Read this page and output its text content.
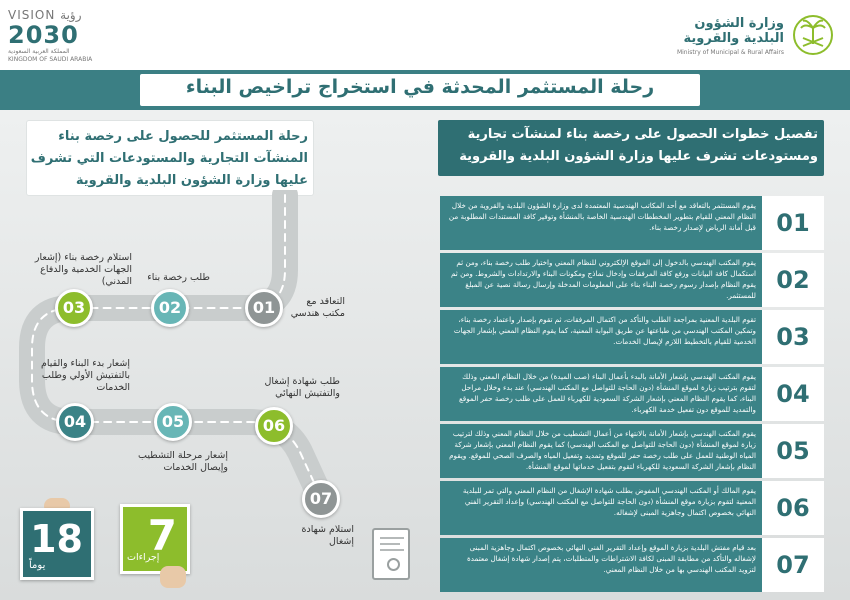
VISION رؤية
2030
المملكة العربية السعودية
KINGDOM OF SAUDI ARABIA
وزارة الشؤون
البلدية والقروية
Ministry of Municipal & Rural Affairs
رحلة المستثمر المحدثة في استخراج تراخيص البناء
رحلة المستثمر للحصول على رخصة بناء المنشآت التجارية والمستودعات التي تشرف عليها وزارة الشؤون البلدية والقروية
تفصيل خطوات الحصول على رخصة بناء لمنشآت تجارية ومستودعات تشرف عليها وزارة الشؤون البلدية والقروية
يقوم المستثمر بالتعاقد مع أحد المكاتب الهندسية المعتمدة لدى وزارة الشؤون البلدية والقروية من خلال النظام المعني للقيام بتطوير المخططات الهندسية الخاصة بالمنشأة وتوفير كافة المستندات المطلوبة من قبل أمانة الرياض لإصدار رخصة بناء. 01
يقوم المكتب الهندسي بالدخول إلى الموقع الإلكتروني للنظام المعني واختيار طلب رخصة بناء، ومن ثم استكمال كافة البيانات ورفع كافة المرفقات وإدخال نماذج ومكونات البناء والارتدادات والشروط. ومن ثم يقوم النظام بإصدار رسوم رخصة البناء بناء على المعلومات المدخلة وإرسال رسالة نصية عن المبلغ للمستثمر.
02
تقوم البلدية المعنية بمراجعة الطلب والتأكد من اكتمال المرفقات، ثم تقوم بإصدار واعتماد رخصة بناء، وتمكين المكتب الهندسي من طباعتها عن طريق البوابة المعنية، كما يقوم النظام المعني بإشعار الجهات الخدمية للقيام بالتخطيط اللازم لإيصال الخدمات. 03
يقوم المكتب الهندسي بإشعار الأمانة بالبدء بأعمال البناء (صب الميدة) من خلال النظام المعني وذلك لتقوم بترتيب زيارة لموقع المنشأة (دون الحاجة للتواصل مع المكتب الهندسي) عند بدء وخلال مراحل البناء، كما يقوم النظام المعني بإشعار الشركة السعودية للكهرباء للعمل على طلب رخصة حفر الموقع والتمديد للموقع دون تفعيل خدمة الكهرباء.
04
يقوم المكتب الهندسي بإشعار الأمانة بالانتهاء من أعمال التشطيب من خلال النظام المعني وذلك لترتيب زيارة لموقع المنشأة (دون الحاجة للتواصل مع المكتب الهندسي) كما يقوم النظام المعني بإشعار شركة المياه الوطنية للعمل على طلب رخصة حفر للموقع وتمديد وتفعيل المياه والصرف الصحي للموقع. ويقوم النظام بإشعار الشركة السعودية للكهرباء لتقوم بتفعيل خدماتها لموقع المنشأة.
05
يقوم المالك أو المكتب الهندسي المفوض بطلب شهادة الإشغال من النظام المعني والتي تمر للبلدية المعنية لتقوم بزيارة موقع المنشأة (دون الحاجة للتواصل مع المكتب الهندسي) وإعداد التقرير الفني النهائي بخصوص اكتمال وجاهزية المبنى لإشغاله. 06
بعد قيام مفتش البلدية بزيارة الموقع وإعداد التقرير الفني النهائي بخصوص اكتمال وجاهزية المبنى لإشغاله والتأكد من مطابقة المبنى لكافة الاشتراطات والمتطلبات، يتم إصدار شهادة إشغال معتمدة لتزويد المكتب الهندسي بها من خلال النظام المعني. 07
01
02
03
04	05	06
07
التعاقد مع مكتب هندسي
طلب رخصة بناء
استلام رخصة بناء (إشعار الجهات الخدمية والدفاع المدني)
إشعار بدء البناء والقيام بالتفتيش الأولي وطلب الخدمات
إشعار مرحلة التشطيب وإيصال الخدمات
طلب شهادة إشغال والتفتيش النهائي
استلام شهادة إشغال
18
يوماً
7
إجراءات
